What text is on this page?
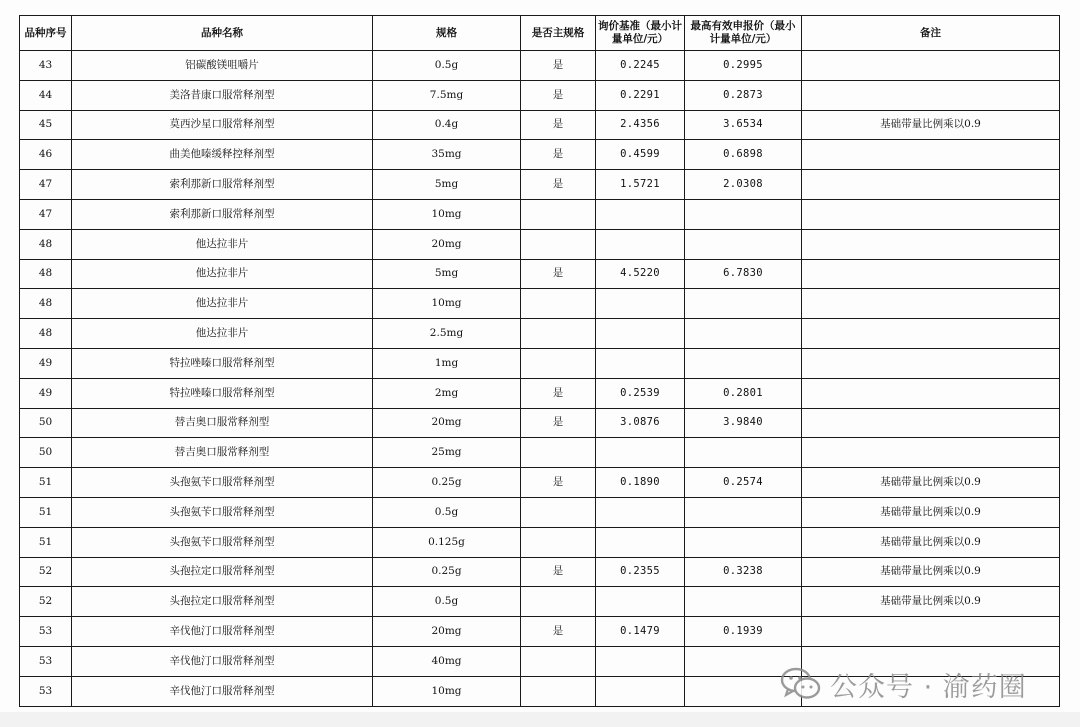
品种序号	品种名称	规格	是否主规格	询价基准（最小计量单位/元）	最高有效申报价（最小计量单位/元）	备注
43	铝碳酸镁咀嚼片	0.5g	是	0.2245	0.2995	
44	美洛昔康口服常释剂型	7.5mg	是	0.2291	0.2873	
45	莫西沙星口服常释剂型	0.4g	是	2.4356	3.6534	基础带量比例乘以0.9
46	曲美他嗪缓释控释剂型	35mg	是	0.4599	0.6898	
47	索利那新口服常释剂型	5mg	是	1.5721	2.0308	
47	索利那新口服常释剂型	10mg				
48	他达拉非片	20mg				
48	他达拉非片	5mg	是	4.5220	6.7830	
48	他达拉非片	10mg				
48	他达拉非片	2.5mg				
49	特拉唑嗪口服常释剂型	1mg				
49	特拉唑嗪口服常释剂型	2mg	是	0.2539	0.2801	
50	替吉奥口服常释剂型	20mg	是	3.0876	3.9840	
50	替吉奥口服常释剂型	25mg				
51	头孢氨苄口服常释剂型	0.25g	是	0.1890	0.2574	基础带量比例乘以0.9
51	头孢氨苄口服常释剂型	0.5g				基础带量比例乘以0.9
51	头孢氨苄口服常释剂型	0.125g				基础带量比例乘以0.9
52	头孢拉定口服常释剂型	0.25g	是	0.2355	0.3238	基础带量比例乘以0.9
52	头孢拉定口服常释剂型	0.5g				基础带量比例乘以0.9
53	辛伐他汀口服常释剂型	20mg	是	0.1479	0.1939	
53	辛伐他汀口服常释剂型	40mg				
53	辛伐他汀口服常释剂型	10mg					公众号 · 渝药圈
